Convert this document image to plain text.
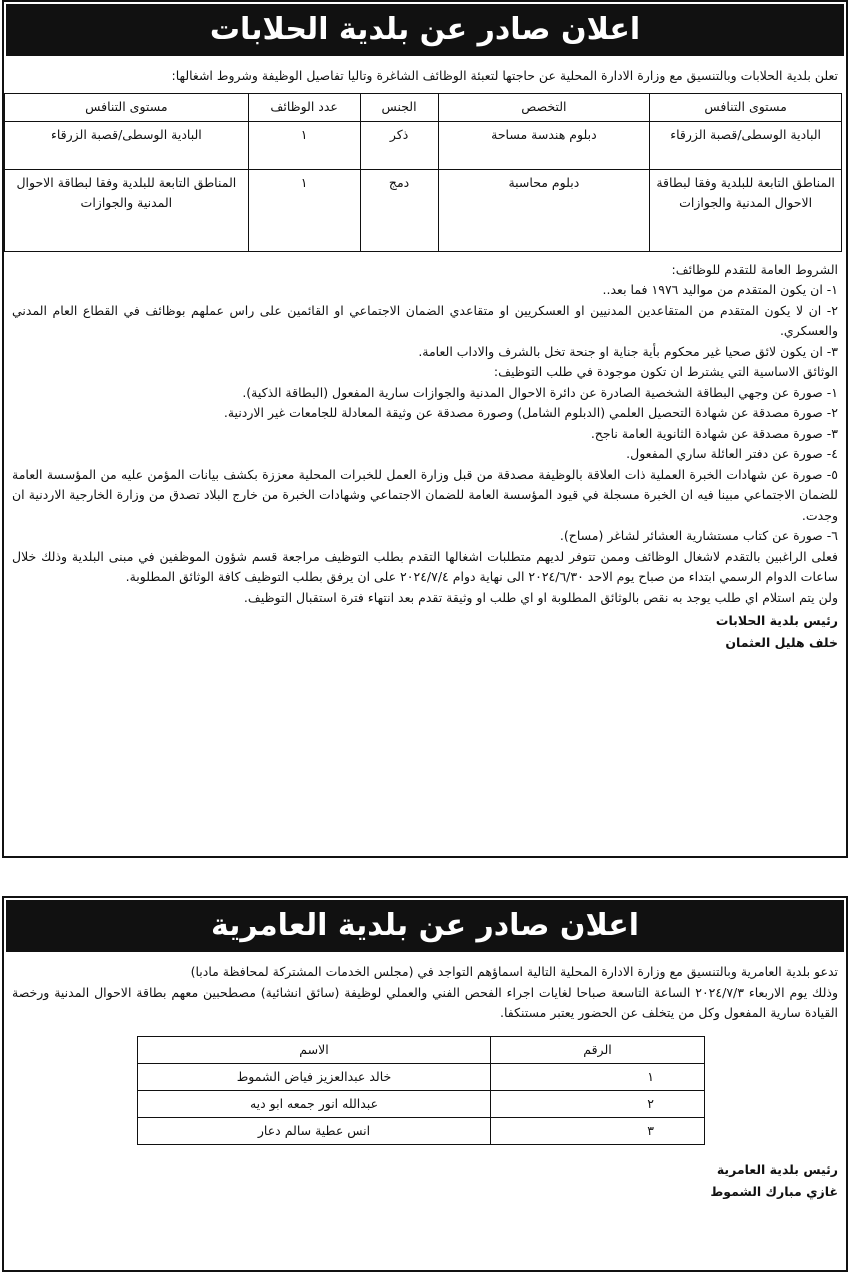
اعلان صادر عن بلدية الحلابات

تعلن بلدية الحلابات وبالتنسيق مع وزارة الادارة المحلية عن حاجتها لتعبئة الوظائف الشاغرة وتاليا تفاصيل الوظيفة وشروط اشغالها:

مستوى التنافس	التخصص	الجنس	عدد الوظائف	مستوى التنافس
البادية الوسطى/قصبة الزرقاء	دبلوم هندسة مساحة	ذكر	١	البادية الوسطى/قصبة الزرقاء
المناطق التابعة للبلدية وفقا لبطاقة الاحوال المدنية والجوازات	دبلوم محاسبة	دمج	١	المناطق التابعة للبلدية وفقا لبطاقة الاحوال المدنية والجوازات
الشروط العامة للتقدم للوظائف:
١- ان يكون المتقدم من مواليد ١٩٧٦ فما بعد..
٢- ان لا يكون المتقدم من المتقاعدين المدنيين او العسكريين او متقاعدي الضمان الاجتماعي او القائمين على راس عملهم بوظائف في القطاع العام المدني والعسكري.
٣- ان يكون لائق صحيا غير محكوم بأية جناية او جنحة تخل بالشرف والاداب العامة.
الوثائق الاساسية التي يشترط ان تكون موجودة في طلب التوظيف:
١- صورة عن وجهي البطاقة الشخصية الصادرة عن دائرة الاحوال المدنية والجوازات سارية المفعول (البطاقة الذكية).
٢- صورة مصدقة عن شهادة التحصيل العلمي (الدبلوم الشامل) وصورة مصدقة عن وثيقة المعادلة للجامعات غير الاردنية.
٣- صورة مصدقة عن شهادة الثانوية العامة ناجح.
٤- صورة عن دفتر العائلة ساري المفعول.
٥- صورة عن شهادات الخبرة العملية ذات العلاقة بالوظيفة مصدقة من قبل وزارة العمل للخبرات المحلية معززة بكشف بيانات المؤمن عليه من المؤسسة العامة للضمان الاجتماعي مبينا فيه ان الخبرة مسجلة في قيود المؤسسة العامة للضمان الاجتماعي وشهادات الخبرة من خارج البلاد تصدق من وزارة الخارجية الاردنية ان وجدت.
٦- صورة عن كتاب مستشارية العشائر لشاغر (مساح).
فعلى الراغبين بالتقدم لاشغال الوظائف وممن تتوفر لديهم متطلبات اشغالها التقدم بطلب التوظيف مراجعة قسم شؤون الموظفين في مبنى البلدية وذلك خلال ساعات الدوام الرسمي ابتداء من صباح يوم الاحد ٢٠٢٤/٦/٣٠ الى نهاية دوام ٢٠٢٤/٧/٤ على ان يرفق بطلب التوظيف كافة الوثائق المطلوبة.
ولن يتم استلام اي طلب يوجد به نقص بالوثائق المطلوبة او اي طلب او وثيقة تقدم بعد انتهاء فترة استقبال التوظيف.
رئيس بلدية الحلابات
خلف هليل العثمان
اعلان صادر عن بلدية العامرية

تدعو بلدية العامرية وبالتنسيق مع وزارة الادارة المحلية التالية اسماؤهم التواجد في (مجلس الخدمات المشتركة لمحافظة مادبا)

وذلك يوم الاربعاء ٢٠٢٤/٧/٣ الساعة التاسعة صباحا لغايات اجراء الفحص الفني والعملي لوظيفة (سائق انشائية) مصطحبين معهم بطاقة الاحوال المدنية ورخصة القيادة سارية المفعول وكل من يتخلف عن الحضور يعتبر مستنكفا.

الرقم	الاسم
١	خالد عبدالعزيز فياض الشموط
٢	عبدالله انور جمعه ابو ديه
٣	انس عطية سالم دعار
رئيس بلدية العامرية
غازي مبارك الشموط
